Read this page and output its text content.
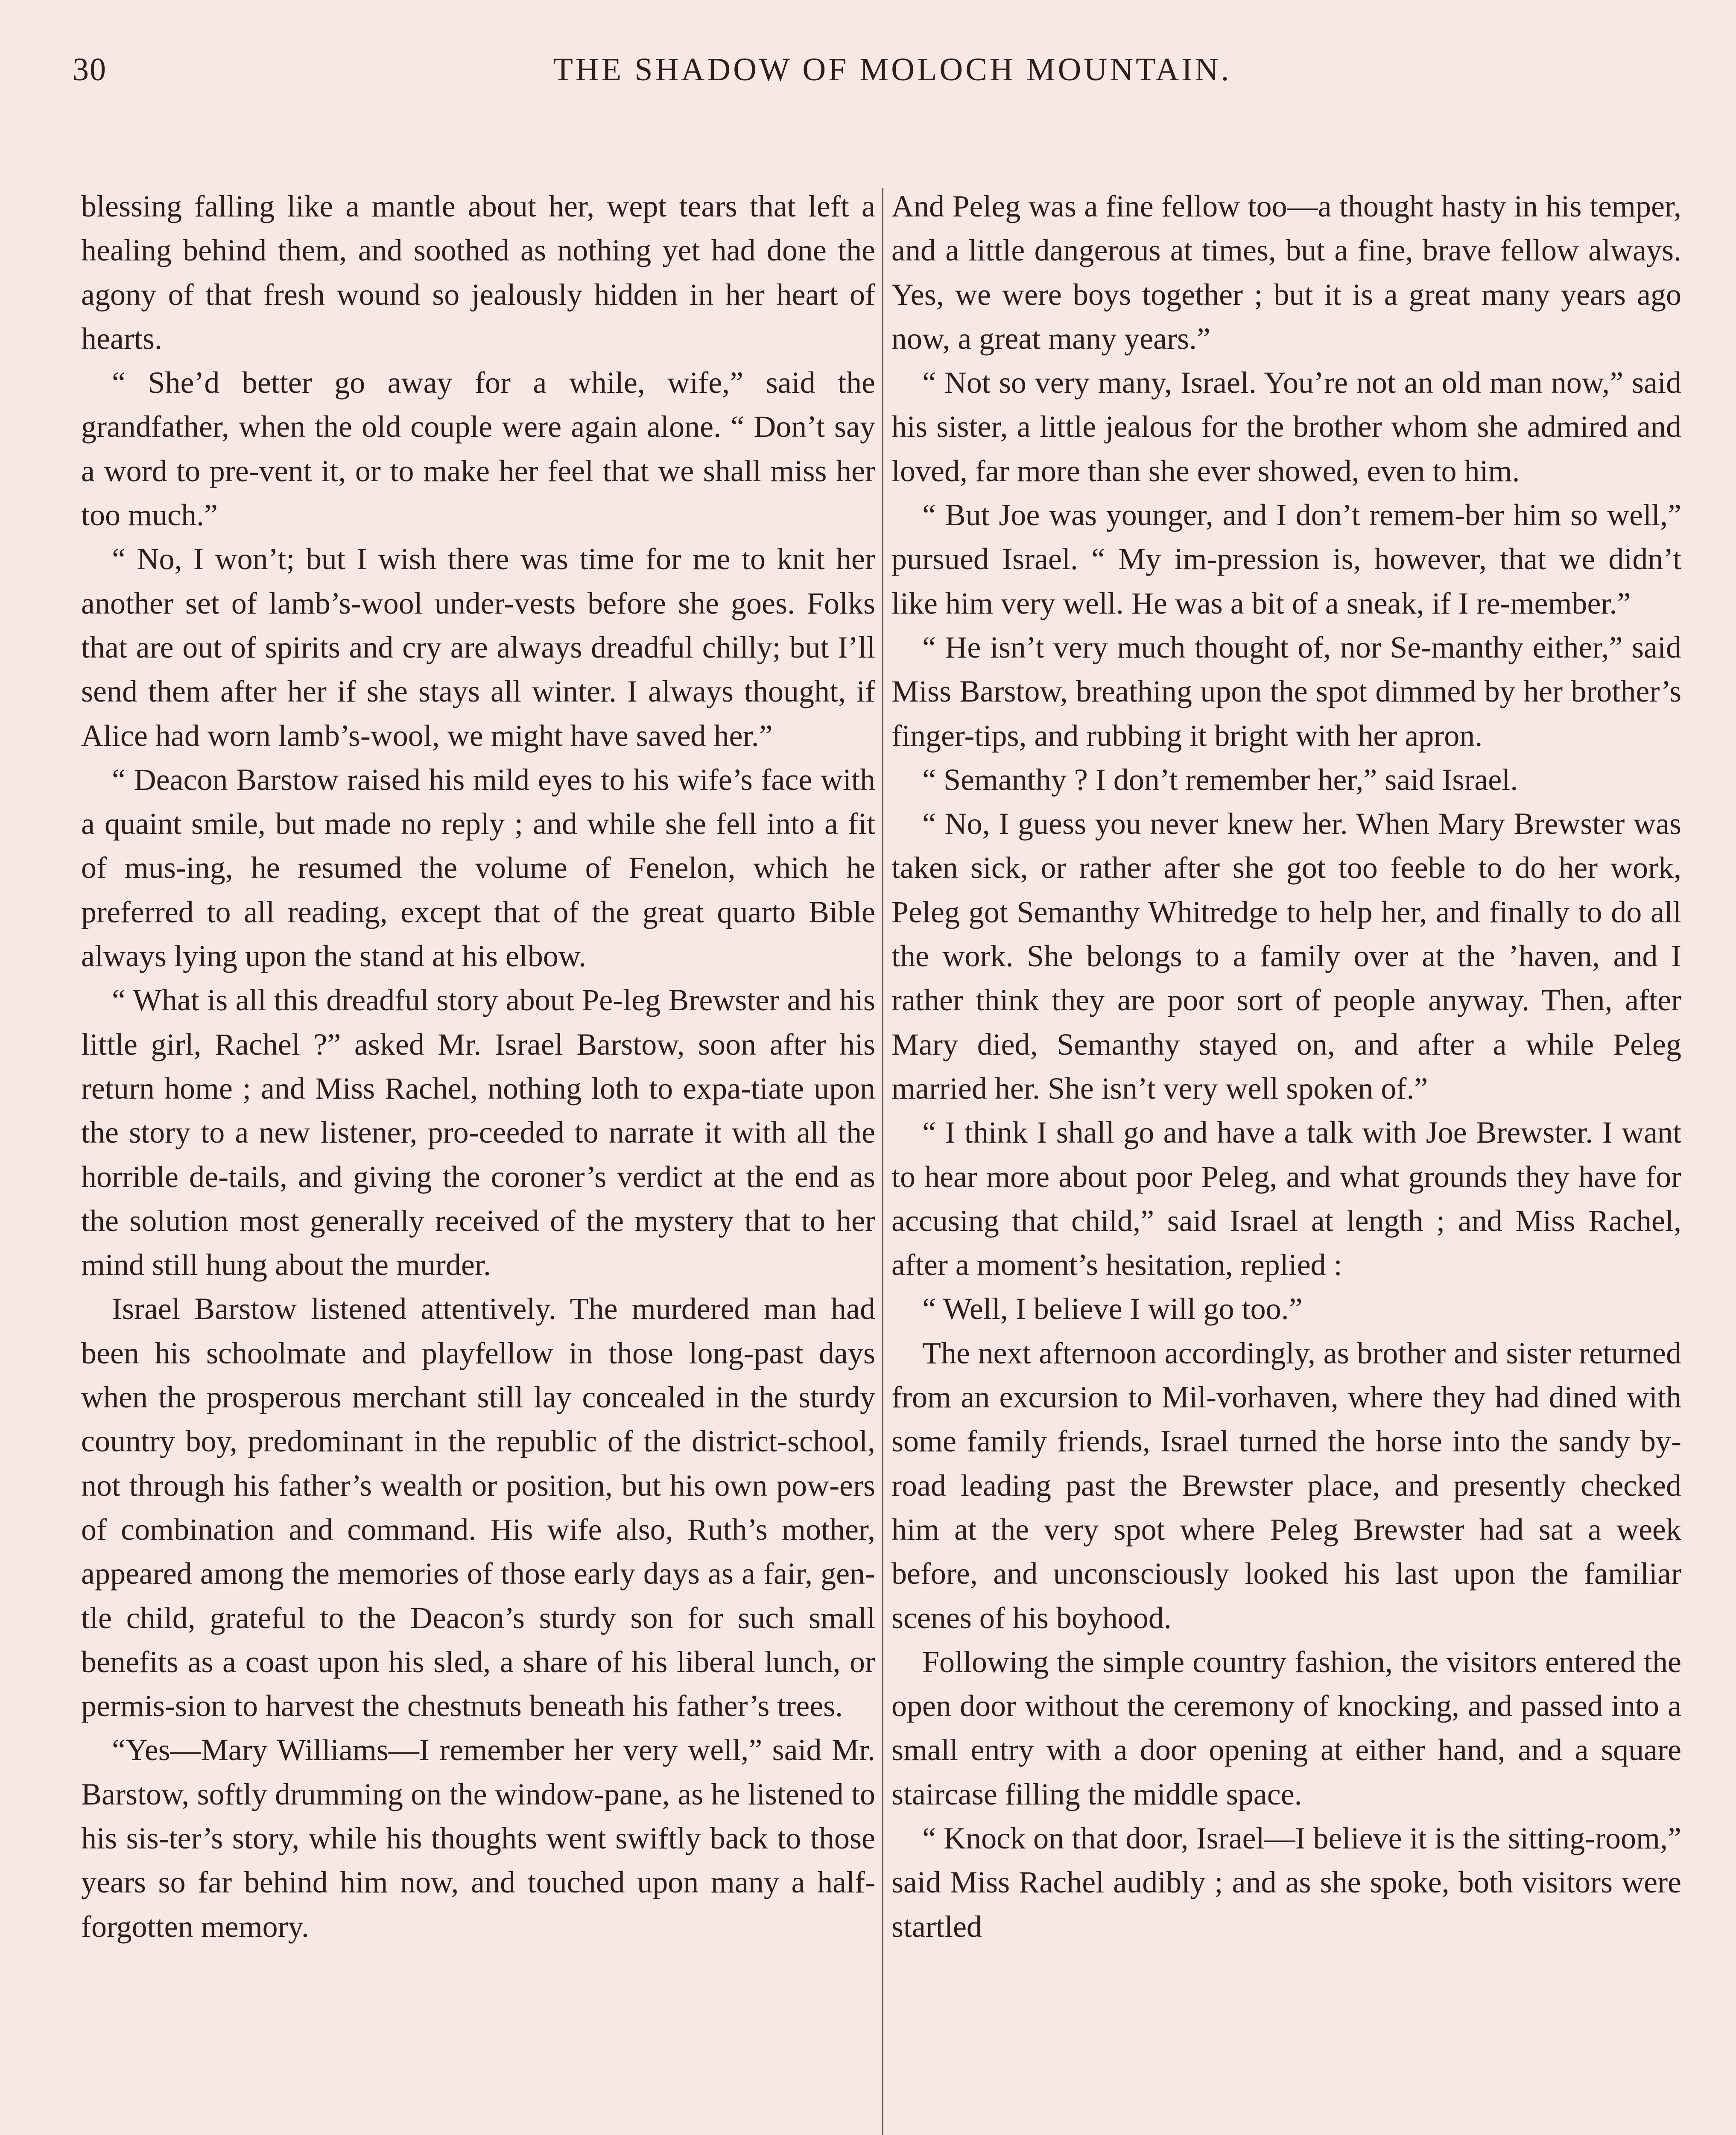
30	THE SHADOW OF MOLOCH MOUNTAIN.

blessing falling like a mantle about her, wept tears that left a healing behind them, and soothed as nothing yet had done the agony of that fresh wound so jealously hidden in her heart of hearts.

“ She’d better go away for a while, wife,” said the grandfather, when the old couple were again alone. “ Don’t say a word to pre-vent it, or to make her feel that we shall miss her too much.”

“ No, I won’t; but I wish there was time for me to knit her another set of lamb’s-wool under-vests before she goes. Folks that are out of spirits and cry are always dreadful chilly; but I’ll send them after her if she stays all winter. I always thought, if Alice had worn lamb’s-wool, we might have saved her.”

“ Deacon Barstow raised his mild eyes to his wife’s face with a quaint smile, but made no reply ; and while she fell into a fit of mus-ing, he resumed the volume of Fenelon, which he preferred to all reading, except that of the great quarto Bible always lying upon the stand at his elbow.

“ What is all this dreadful story about Pe-leg Brewster and his little girl, Rachel ?” asked Mr. Israel Barstow, soon after his return home ; and Miss Rachel, nothing loth to expa-tiate upon the story to a new listener, pro-ceeded to narrate it with all the horrible de-tails, and giving the coroner’s verdict at the end as the solution most generally received of the mystery that to her mind still hung about the murder.

Israel Barstow listened attentively. The murdered man had been his schoolmate and playfellow in those long-past days when the prosperous merchant still lay concealed in the sturdy country boy, predominant in the republic of the district-school, not through his father’s wealth or position, but his own pow-ers of combination and command. His wife also, Ruth’s mother, appeared among the memories of those early days as a fair, gen-tle child, grateful to the Deacon’s sturdy son for such small benefits as a coast upon his sled, a share of his liberal lunch, or permis-sion to harvest the chestnuts beneath his father’s trees.

“Yes—Mary Williams—I remember her very well,” said Mr. Barstow, softly drumming on the window-pane, as he listened to his sis-ter’s story, while his thoughts went swiftly back to those years so far behind him now, and touched upon many a half-forgotten memory.

And Peleg was a fine fellow too—a thought hasty in his temper, and a little dangerous at times, but a fine, brave fellow always. Yes, we were boys together ; but it is a great many years ago now, a great many years.”

“ Not so very many, Israel. You’re not an old man now,” said his sister, a little jealous for the brother whom she admired and loved, far more than she ever showed, even to him.

“ But Joe was younger, and I don’t remem-ber him so well,” pursued Israel. “ My im-pression is, however, that we didn’t like him very well. He was a bit of a sneak, if I re-member.”

“ He isn’t very much thought of, nor Se-manthy either,” said Miss Barstow, breathing upon the spot dimmed by her brother’s finger-tips, and rubbing it bright with her apron.

“ Semanthy ? I don’t remember her,” said Israel.

“ No, I guess you never knew her. When Mary Brewster was taken sick, or rather after she got too feeble to do her work, Peleg got Semanthy Whitredge to help her, and finally to do all the work. She belongs to a family over at the ’haven, and I rather think they are poor sort of people anyway. Then, after Mary died, Semanthy stayed on, and after a while Peleg married her. She isn’t very well spoken of.”

“ I think I shall go and have a talk with Joe Brewster. I want to hear more about poor Peleg, and what grounds they have for accusing that child,” said Israel at length ; and Miss Rachel, after a moment’s hesitation, replied :

“ Well, I believe I will go too.”

The next afternoon accordingly, as brother and sister returned from an excursion to Mil-vorhaven, where they had dined with some family friends, Israel turned the horse into the sandy by-road leading past the Brewster place, and presently checked him at the very spot where Peleg Brewster had sat a week before, and unconsciously looked his last upon the familiar scenes of his boyhood.

Following the simple country fashion, the visitors entered the open door without the ceremony of knocking, and passed into a small entry with a door opening at either hand, and a square staircase filling the middle space.

“ Knock on that door, Israel—I believe it is the sitting-room,” said Miss Rachel audibly ; and as she spoke, both visitors were startled
